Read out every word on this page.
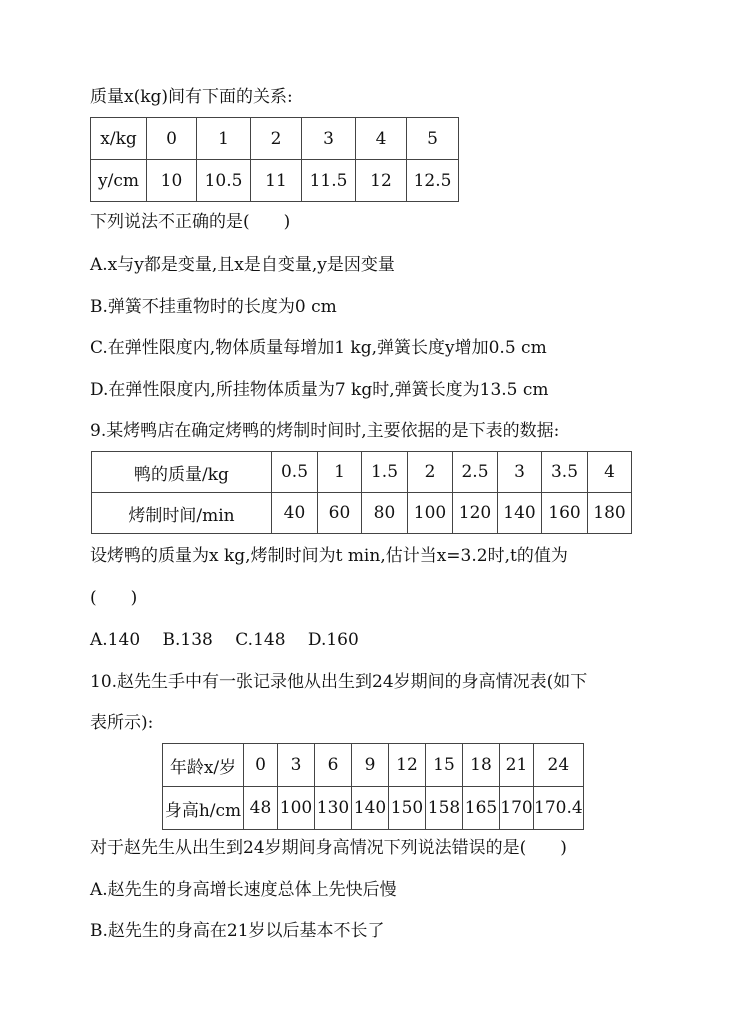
质量x(kg)间有下面的关系:
x/kg	0	1	2	3	4	5
y/cm	10	10.5	11	11.5	12	12.5
下列说法不正确的是(　　)
A.x与y都是变量,且x是自变量,y是因变量
B.弹簧不挂重物时的长度为0 cm
C.在弹性限度内,物体质量每增加1 kg,弹簧长度y增加0.5 cm
D.在弹性限度内,所挂物体质量为7 kg时,弹簧长度为13.5 cm
9.某烤鸭店在确定烤鸭的烤制时间时,主要依据的是下表的数据:
鸭的质量/kg	0.5	1	1.5	2	2.5	3	3.5	4
烤制时间/min	40	60	80	100	120	140	160	180
设烤鸭的质量为x kg,烤制时间为t min,估计当x=3.2时,t的值为
(　　)
A.140　 B.138　 C.148　 D.160
10.赵先生手中有一张记录他从出生到24岁期间的身高情况表(如下
表所示):
年龄x/岁	0	3	6	9	12	15	18	21	24
身高h/cm	48	100	130	140	150	158	165	170	170.4
对于赵先生从出生到24岁期间身高情况下列说法错误的是(　　)
A.赵先生的身高增长速度总体上先快后慢
B.赵先生的身高在21岁以后基本不长了
